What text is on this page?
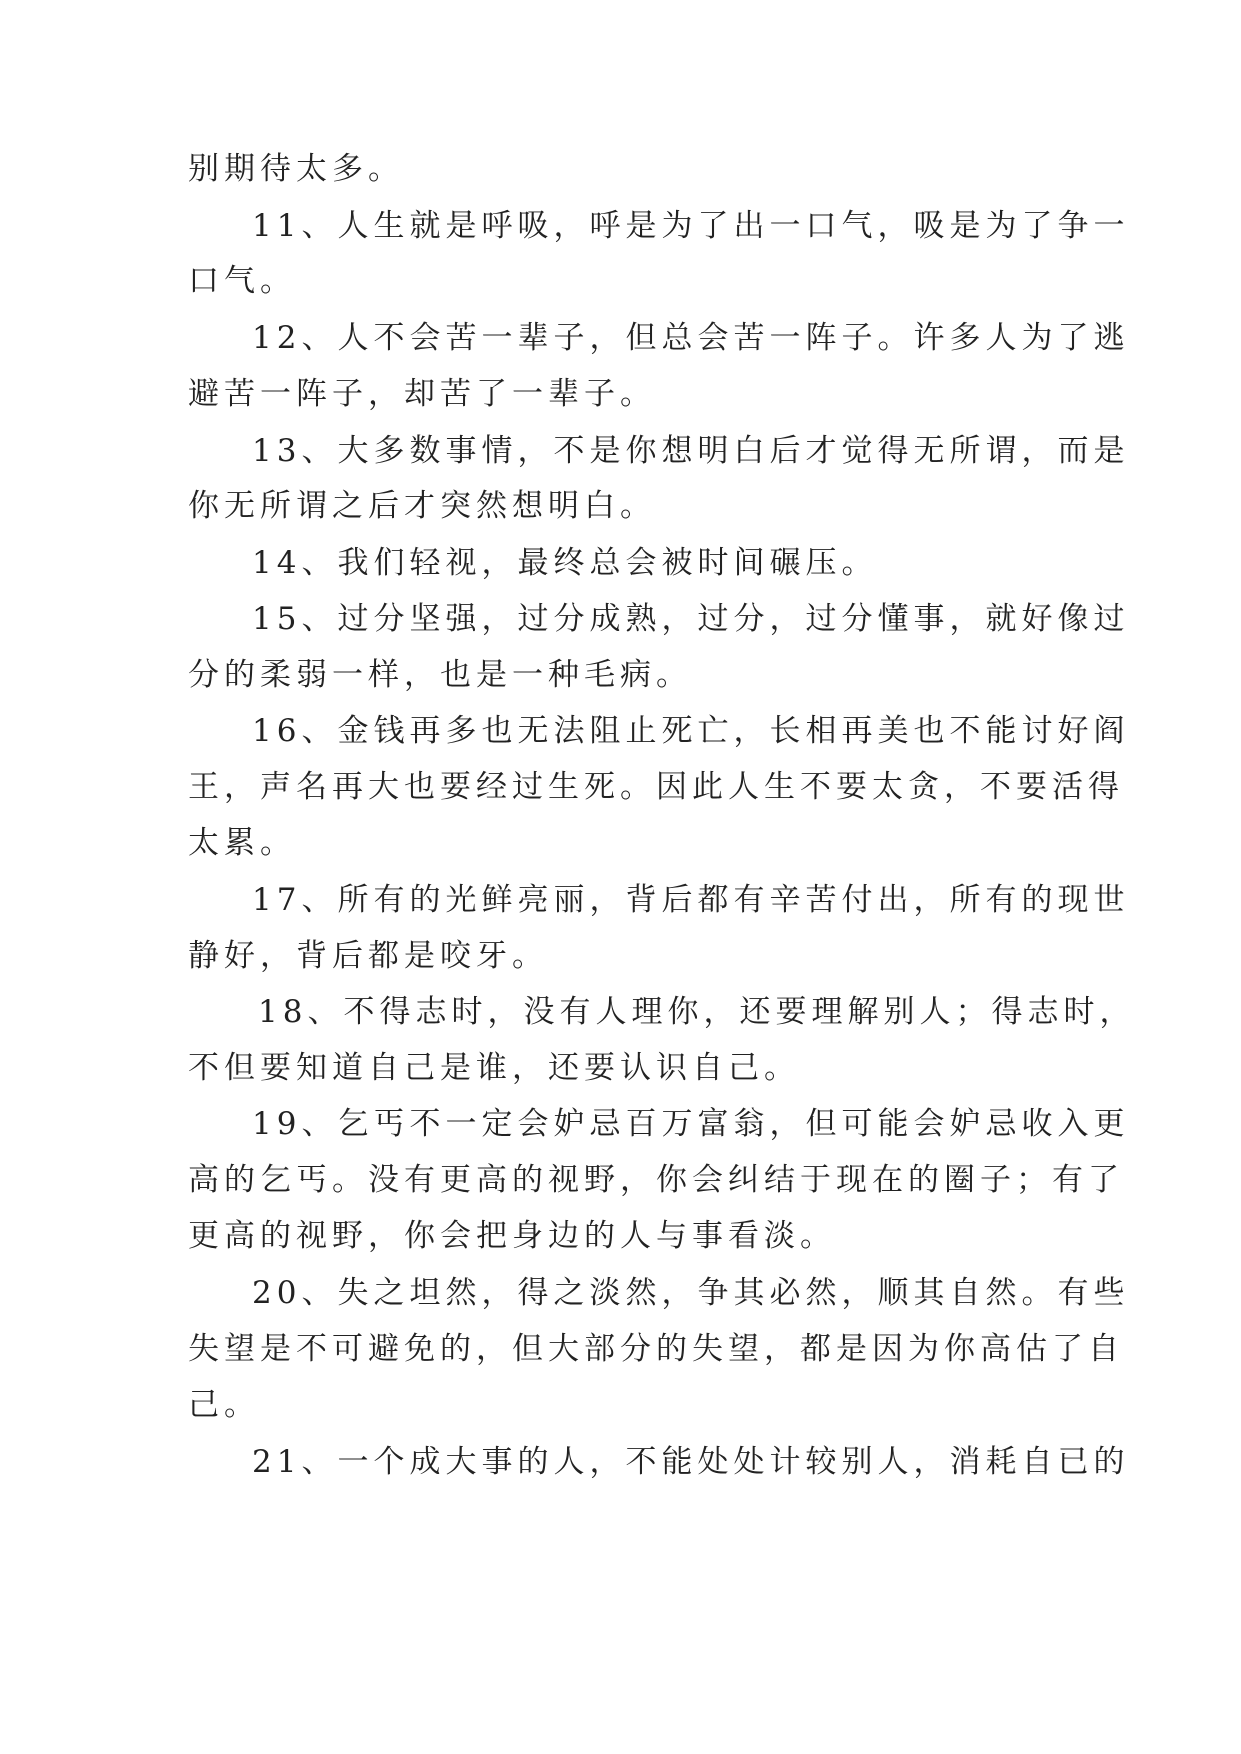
别期待太多。

11、人生就是呼吸，呼是为了出一口气，吸是为了争一

口气。

12、人不会苦一辈子，但总会苦一阵子。许多人为了逃

避苦一阵子，却苦了一辈子。

13、大多数事情，不是你想明白后才觉得无所谓，而是

你无所谓之后才突然想明白。

14、我们轻视，最终总会被时间碾压。

15、过分坚强，过分成熟，过分，过分懂事，就好像过

分的柔弱一样，也是一种毛病。

16、金钱再多也无法阻止死亡，长相再美也不能讨好阎

王，声名再大也要经过生死。因此人生不要太贪，不要活得

太累。

17、所有的光鲜亮丽，背后都有辛苦付出，所有的现世

静好，背后都是咬牙。

18、不得志时，没有人理你，还要理解别人；得志时，

不但要知道自己是谁，还要认识自己。

19、乞丐不一定会妒忌百万富翁，但可能会妒忌收入更

高的乞丐。没有更高的视野，你会纠结于现在的圈子；有了

更高的视野，你会把身边的人与事看淡。

20、失之坦然，得之淡然，争其必然，顺其自然。有些

失望是不可避免的，但大部分的失望，都是因为你高估了自

己。

21、一个成大事的人，不能处处计较别人，消耗自已的
